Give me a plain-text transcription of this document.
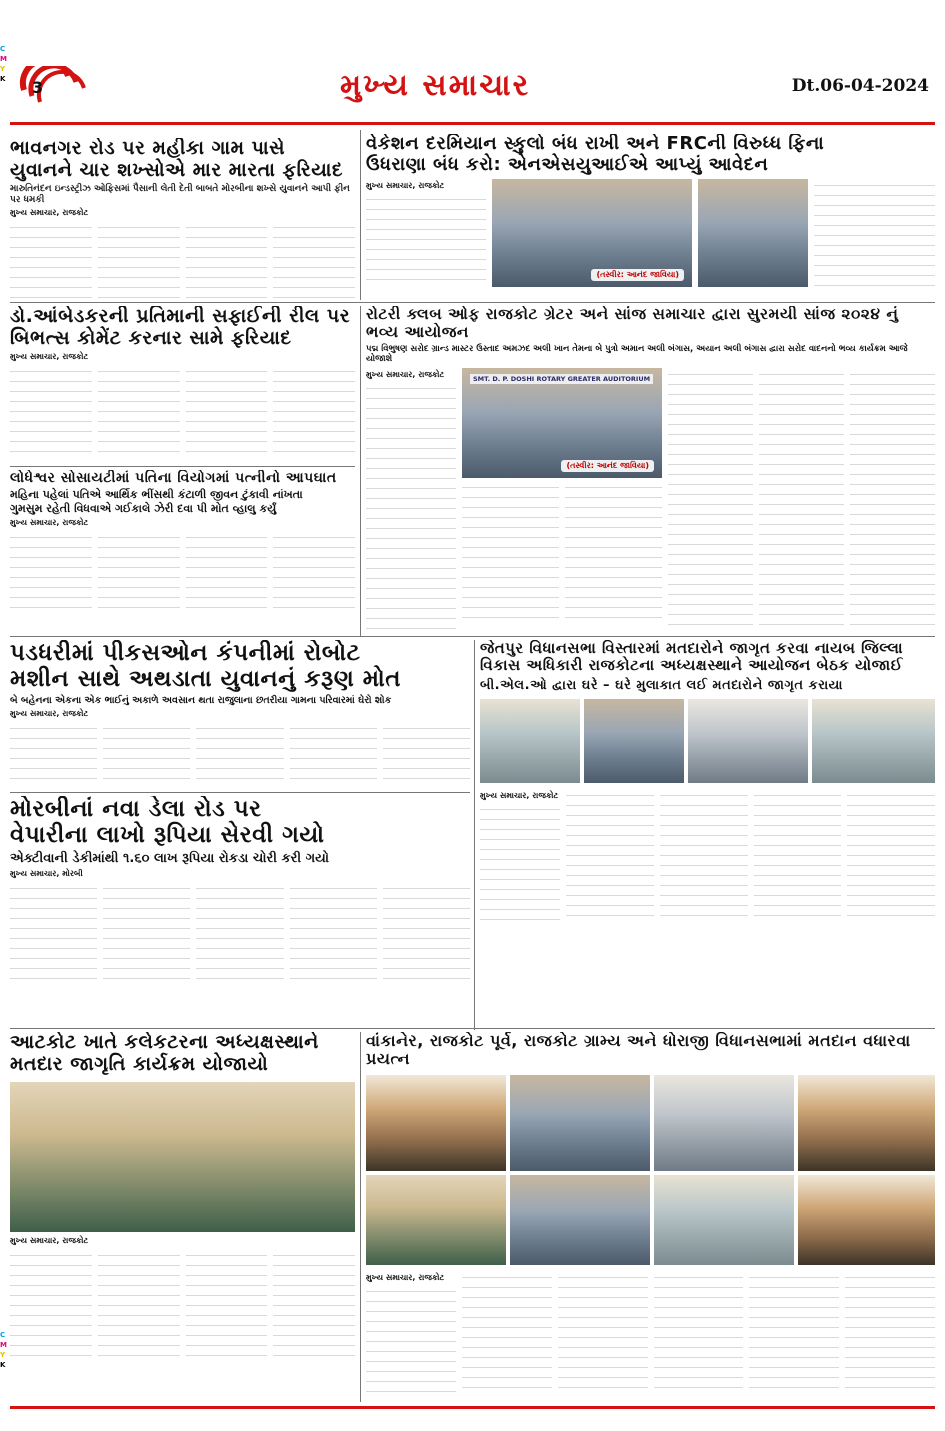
C
M
Y
K
C
M
Y
K
3	મુખ્ય સમાચાર	Dt.06-04-2024
ભાવનગર રોડ પર મહીકા ગામ પાસે
યુવાનને ચાર શખ્સોએ માર મારતા ફરિયાદ
મારુતિનંદન ઇન્ડસ્ટ્રીઝ ઓફિસમાં પૈસાની લેતી દેતી બાબતે મોરબીના શખ્સે યુવાનને આપી ફીન પર ધમકી
મુખ્ય સમાચાર, રાજકોટ
વેકેશન દરમિયાન સ્કુલો બંધ રાખી અને FRCની વિરુધ્ધ ફિના
ઉધરાણા બંધ કરો: એનએસયુઆઈએ આપ્યું આવેદન
મુખ્ય સમાચાર, રાજકોટ
(તસ્વીર: આનંદ જાવિયા)
ડો.આંબેડકરની પ્રતિમાની સફાઈની રીલ પર
બિભત્સ કોમેંટ કરનાર સામે ફરિયાદ
મુખ્ય સમાચાર, રાજકોટ
રોટરી ક્લબ ઓફ રાજકોટ ગ્રેટર અને સાંજ સમાચાર દ્વારા સુરમયી સાંજ ૨૦૨૪ નું ભવ્ય આયોજન
પદ્મ વિભુષણ સરોદ ગ્રાન્ડ માસ્ટર ઉસ્તાદ અમઝદ અલી ખાન તેમના બે પુત્રો અમાન અલી બંગાસ, અયાન અલી બંગાસ દ્વારા સરોદ વાદનનો ભવ્ય કાર્યક્રમ આજે યોજાશે
મુખ્ય સમાચાર, રાજકોટ	SMT. D. P. DOSHI ROTARY GREATER AUDITORIUM
(તસ્વીર: આનંદ જાવિયા)
લોધેશ્વર સોસાયટીમાં પતિના વિયોગમાં પત્નીનો આપઘાત
મહિના પહેલાં પતિએ આર્થિક ભીંસથી કંટાળી જીવન ટુંકાવી નાંખતા
ગુમસુમ રહેતી વિધવાએ ગઈકાલે ઝેરી દવા પી મોત વ્હાલુ કર્યું
મુખ્ય સમાચાર, રાજકોટ
પડધરીમાં પીકસઓન કંપનીમાં રોબોટ
મશીન સાથે અથડાતા યુવાનનું કરૂણ મોત
બે બહેનના એકના એક ભાઈનું અકાળે અવસાન થતા રાજુલાના છતરીયા ગામના પરિવારમાં ઘેરો શોક
મુખ્ય સમાચાર, રાજકોટ
જેતપુર વિધાનસભા વિસ્તારમાં મતદારોને જાગૃત કરવા નાયબ જિલ્લા
વિકાસ અધિકારી રાજકોટના અધ્યક્ષસ્થાને આયોજન બેઠક યોજાઈ
બી.એલ.ઓ દ્વારા ઘરે – ઘરે મુલાકાત લઈ મતદારોને જાગૃત કરાયા
મુખ્ય સમાચાર, રાજકોટ
મોરબીનાં નવા ડેલા રોડ પર
વેપારીના લાખો રૂપિયા સેરવી ગયો
એક્ટીવાની ડેકીમાંથી ૧.૬૦ લાખ રૂપિયા રોકડા ચોરી કરી ગયો
મુખ્ય સમાચાર, મોરબી
આટકોટ ખાતે કલેકટરના અધ્યક્ષસ્થાને
મતદાર જાગૃતિ કાર્યક્રમ યોજાયો
મુખ્ય સમાચાર, રાજકોટ
વાંકાનેર, રાજકોટ પૂર્વ, રાજકોટ ગ્રામ્ય અને ધોરાજી વિધાનસભામાં મતદાન વધારવા પ્રયત્ન
મુખ્ય સમાચાર, રાજકોટ
